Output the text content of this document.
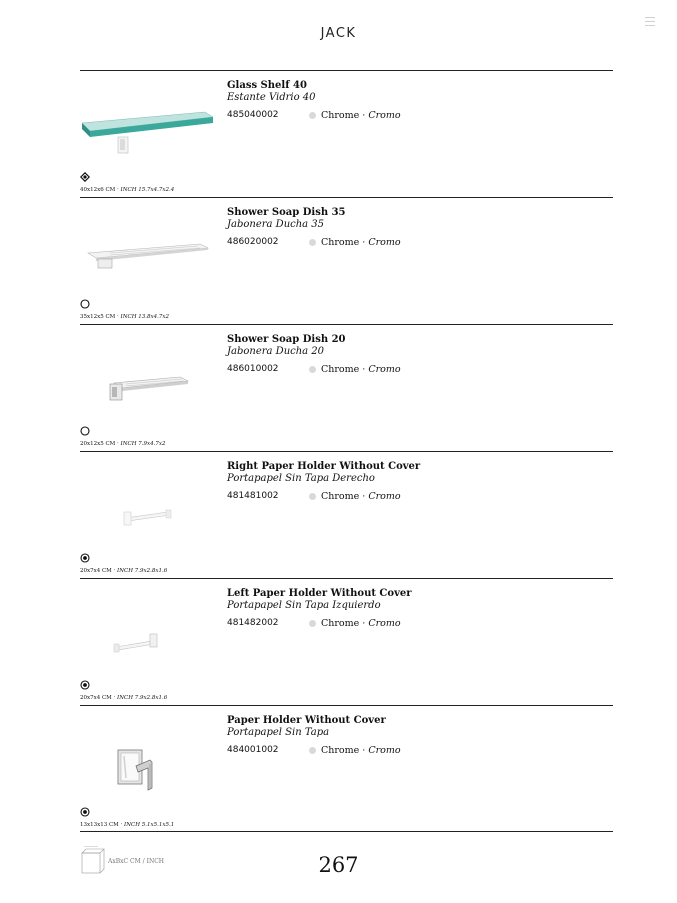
JACK
Glass Shelf 40
Estante Vidrio 40
485040002	Chrome · Cromo
40x12x6 CM · INCH 15.7x4.7x2.4
Shower Soap Dish 35
Jabonera Ducha 35
486020002	Chrome · Cromo
35x12x5 CM · INCH 13.8x4.7x2
Shower Soap Dish 20
Jabonera Ducha 20
486010002	Chrome · Cromo
20x12x5 CM · INCH 7.9x4.7x2
Right Paper Holder Without Cover
Portapapel Sin Tapa Derecho
481481002	Chrome · Cromo
20x7x4 CM · INCH 7.9x2.8x1.6
Left Paper Holder Without Cover
Portapapel Sin Tapa Izquierdo
481482002	Chrome · Cromo
20x7x4 CM · INCH 7.9x2.8x1.6
Paper Holder Without Cover
Portapapel Sin Tapa
484001002	Chrome · Cromo
13x13x13 CM · INCH 5.1x5.1x5.1
AxBxC CM / INCH	267
